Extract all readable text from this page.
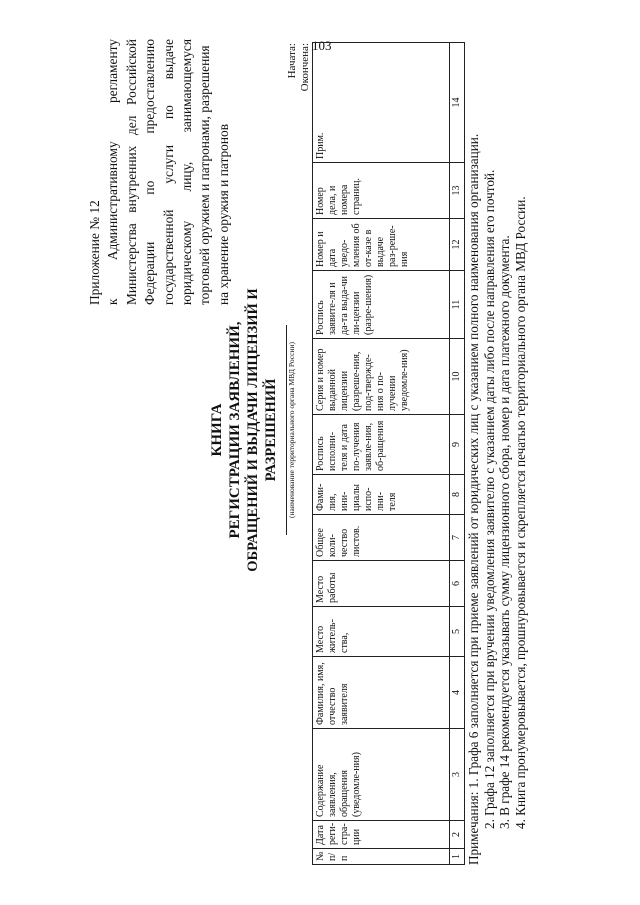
103
Приложение № 12 к
Административному
регламенту
Министерства
внутренних
дел
Российской
Федерации
по
предоставлению
государственной
услуги
по
выдаче
юридическому
лицу,
занимающемуся торговлей оружием и патронами, разрешения на хранение оружия и патронов
КНИГА РЕГИСТРАЦИИ ЗАЯВЛЕНИЙ, ОБРАЩЕНИЙ И ВЫДАЧИ ЛИЦЕНЗИЙ И РАЗРЕШЕНИЙ (наименование территориального органа МВД России)
Начата: Окончена:
№ п/п	Дата реги-стра-ции	Содержание заявления, обращения (уведомле-ния)	Фамилия, имя, отчество заявителя	Место житель-ства,	Место работы	Общее коли-чество листов.	Фами-лия, ини-циалы испо-лни-теля	Роспись исполни-теля и дата по-лучения заявле-ния, об-ращения	Серия и номер выданной лицензии (разреше-ния, под-тверждe-ния о по-лучении уведомле-ния)	Роспись заявите-ля и да-та выда-чи ли-цензии (разре-шения)	Номер и дата уведо-мления об от-казе в выдаче раз-реше-ния	Номер дела, и номера страниц.	Прим.
1	2	3	4	5	6	7	8	9	10	11	12	13	14

Примечания: 1. Графа 6 заполняется при приеме заявлений от юридических лиц с указанием полного наименования организации. 2. Графа 12 заполняется при вручении уведомления заявителю с указанием даты либо после направления его почтой. 3. В графе 14 рекомендуется указывать сумму лицензионного сбора, номер и дата платежного документа. 4. Книга пронумеровывается, прошнуровывается и скрепляется печатью территориального органа МВД России.
